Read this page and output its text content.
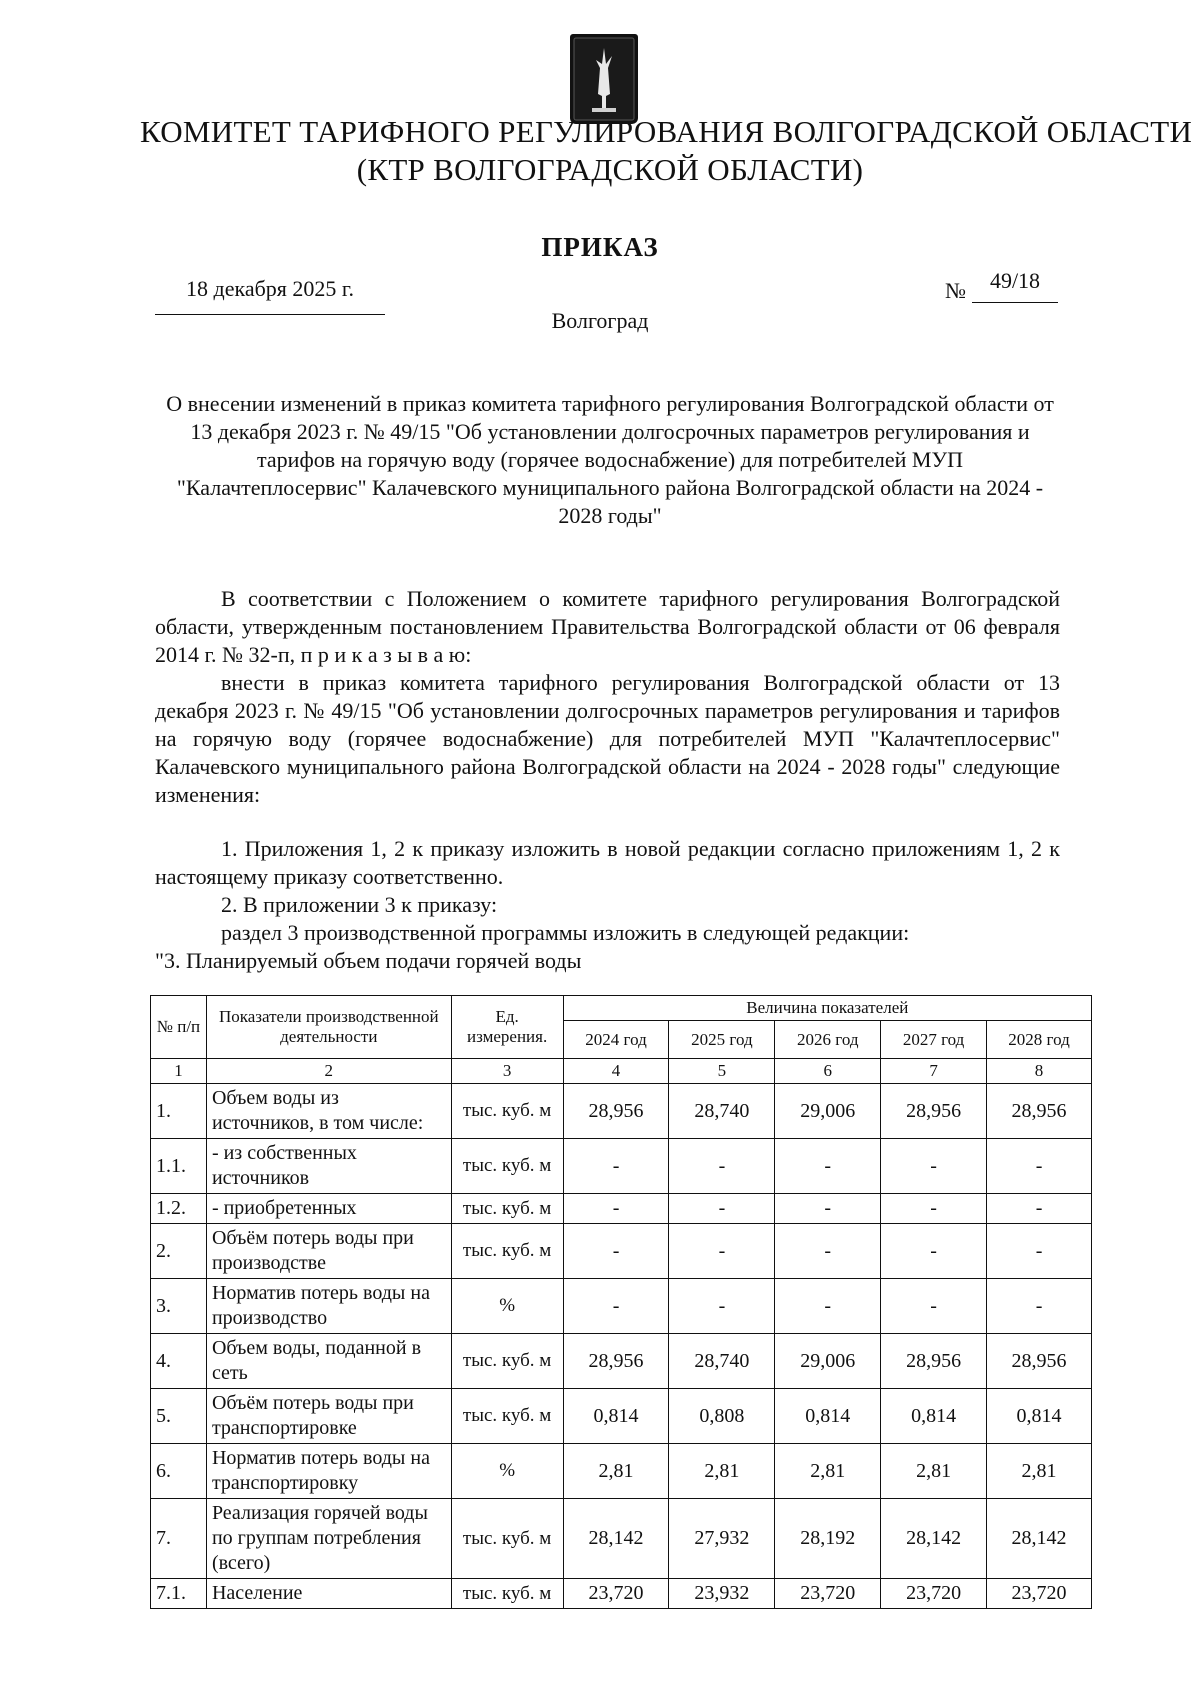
КОМИТЕТ ТАРИФНОГО РЕГУЛИРОВАНИЯ ВОЛГОГРАДСКОЙ ОБЛАСТИ
(КТР ВОЛГОГРАДСКОЙ ОБЛАСТИ)
ПРИКАЗ
18 декабря 2025 г.	№	49/18
Волгоград
О внесении изменений в приказ комитета тарифного регулирования Волгоградской области от 13 декабря 2023 г. № 49/15 "Об установлении долгосрочных параметров регулирования и тарифов на горячую воду (горячее водоснабжение) для потребителей МУП "Калачтеплосервис" Калачевского муниципального района Волгоградской области на 2024 - 2028 годы"

В соответствии с Положением о комитете тарифного регулирования Волгоградской области, утвержденным постановлением Правительства Волгоградской области от 06 февраля 2014 г. № 32-п, п р и к а з ы в а ю:

внести в приказ комитета тарифного регулирования Волгоградской области от 13 декабря 2023 г. № 49/15 "Об установлении долгосрочных параметров регулирования и тарифов на горячую воду (горячее водоснабжение) для потребителей МУП "Калачтеплосервис" Калачевского муниципального района Волгоградской области на 2024 - 2028 годы" следующие изменения:

1. Приложения 1, 2 к приказу изложить в новой редакции согласно приложениям 1, 2 к настоящему приказу соответственно.

2. В приложении 3 к приказу:

раздел 3 производственной программы изложить в следующей редакции:

"3. Планируемый объем подачи горячей воды

№ п/п	Показатели производственной деятельности	Ед. измерения.	Величина показателей				
			2024 год	2025 год	2026 год	2027 год	2028 год
1	2	3	4	5	6	7	8
1.	Объем воды из источников, в том числе:	тыс. куб. м	28,956	28,740	29,006	28,956	28,956
1.1.	- из собственных источников	тыс. куб. м	-	-	-	-	-
1.2.	- приобретенных	тыс. куб. м	-	-	-	-	-
2.	Объём потерь воды при производстве	тыс. куб. м	-	-	-	-	-
3.	Норматив потерь воды на производство	%	-	-	-	-	-
4.	Объем воды, поданной в сеть	тыс. куб. м	28,956	28,740	29,006	28,956	28,956
5.	Объём потерь воды при транспортировке	тыс. куб. м	0,814	0,808	0,814	0,814	0,814
6.	Норматив потерь воды на транспортировку	%	2,81	2,81	2,81	2,81	2,81
7.	Реализация горячей воды по группам потребления (всего)	тыс. куб. м	28,142	27,932	28,192	28,142	28,142
7.1.	Население	тыс. куб. м	23,720	23,932	23,720	23,720	23,720
